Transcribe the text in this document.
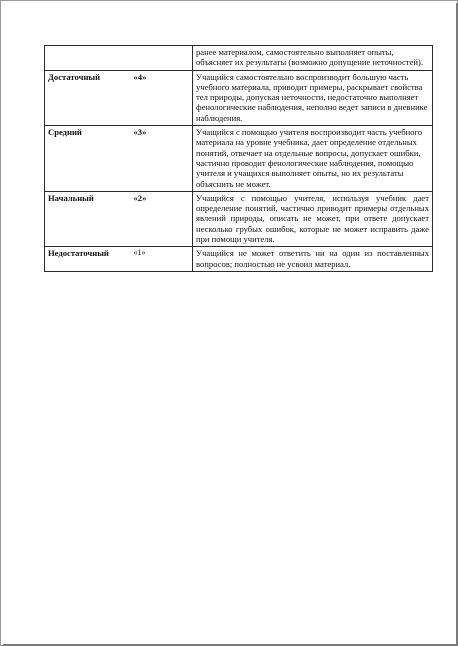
		ранее материалом, самостоятельно выполняет опыты, объясняет их результаты (возможно допущение неточностей).
Достаточный	«4»	Учащийся самостоятельно воспроизводит большую часть учебного материала, приводит примеры, раскрывает свойства тел природы, допуская неточности, недостаточно выполняет фенологические наблюдения, неполно ведет записи в дневнике наблюдения.
Средний	«3»	Учащийся с помощью учителя воспроизводит часть учебного материала на уровне учебника, дает определение отдельных понятий, отвечает на отдельные вопросы, допускает ошибки, частично проводит фенологические наблюдения, помощью учителя и учащихся выполняет опыты, но их результаты объяснить не может.
Начальный	«2»	Учащийся с помощью учителя, используя учебник дает определение понятий, частично приводит примеры отдельных явлений природы, описать не может, при ответе допускает несколько грубых ошибок, которые не может исправить даже при помощи учителя.
Недостаточный	«1»	Учащийся не может ответить ни на один из поставленных вопросов; полностью не усвоил материал.
